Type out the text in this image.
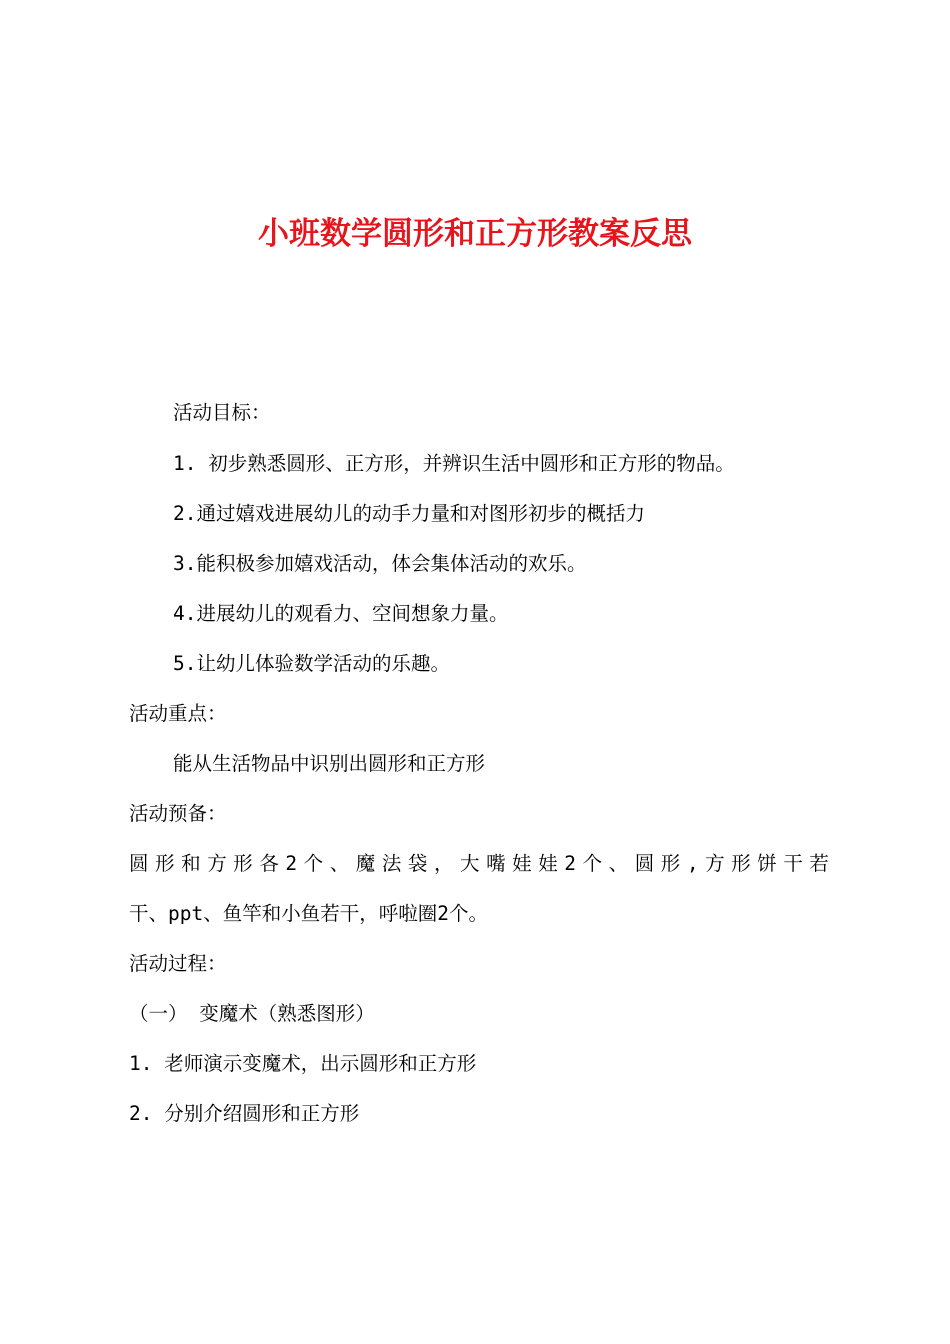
小班数学圆形和正方形教案反思

活动目标：

1. 初步熟悉圆形、正方形，并辨识生活中圆形和正方形的物品。

2.通过嬉戏进展幼儿的动手力量和对图形初步的概括力

3.能积极参加嬉戏活动，体会集体活动的欢乐。

4.进展幼儿的观看力、空间想象力量。

5.让幼儿体验数学活动的乐趣。

活动重点：

能从生活物品中识别出圆形和正方形

活动预备：

圆 形 和 方 形 各 2 个 、 魔 法 袋 ， 大 嘴 娃 娃 2 个 、 圆 形 , 方 形 饼 干 若

干、ppt、鱼竿和小鱼若干，呼啦圈2个。

活动过程：

（一） 变魔术（熟悉图形）

1. 老师演示变魔术，出示圆形和正方形

2. 分别介绍圆形和正方形
